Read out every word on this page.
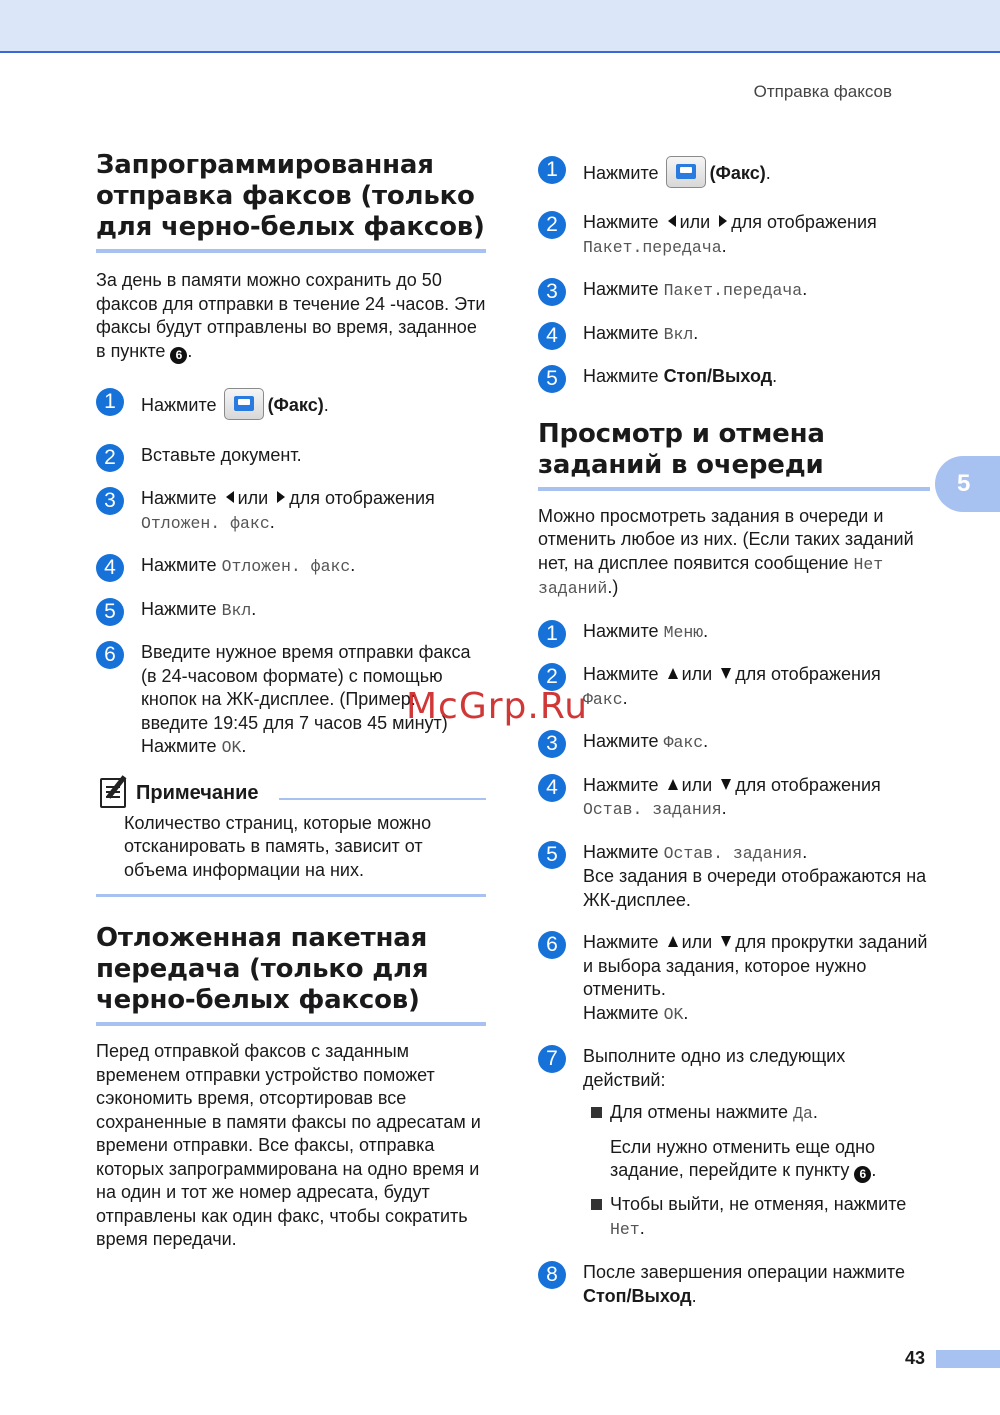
Отправка факсов
5
Запрограммированная отправка факсов (только для черно-белых факсов)

За день в памяти можно сохранить до 50 факсов для отправки в течение 24 -часов. Эти факсы будут отправлены во время, заданное в пункте 6 .

1	Нажмите	(Факс).
2	Вставьте документ.
3	Нажмите или для отображения
Отложен. факс.
4	Нажмите Отложен. факс.
5	Нажмите Вкл.
6	Введите нужное время отправки факса (в 24-часовом формате) с помощью кнопок на ЖК-дисплее. (Пример: введите 19:45 для 7 часов 45 минут)
Нажмите OK.
Примечание
Количество страниц, которые можно отсканировать в память, зависит от объема информации на них.
Отложенная пакетная передача (только для черно-белых факсов)

Перед отправкой факсов с заданным временем отправки устройство поможет сэкономить время, отсортировав все сохраненные в памяти факсы по адресатам и времени отправки. Все факсы, отправка которых запрограммирована на одно время и на один и тот же номер адресата, будут отправлены как один факс, чтобы сократить время передачи.

1	Нажмите	(Факс).
2	Нажмите или для отображения
Пакет.передача.
3	Нажмите Пакет.передача.
4	Нажмите Вкл.
5	Нажмите Стоп/Выход.
Просмотр и отмена заданий в очереди

Можно просмотреть задания в очереди и отменить любое из них. (Если таких заданий нет, на дисплее появится сообщение Нет заданий.)

1	Нажмите Меню.
2	Нажмите или для отображения
Факс.
3	Нажмите Факс.
4	Нажмите или для отображения
Остав. задания.
5	Нажмите Остав. задания.
Все задания в очереди отображаются на ЖК-дисплее.
6	Нажмите или для прокрутки заданий и выбора задания, которое нужно отменить.
Нажмите OK.
7	Выполните одно из следующих действий:
Для отмены нажмите Да.
Если нужно отменить еще одно задание, перейдите к пункту 6 .
Чтобы выйти, не отменяя, нажмите Нет.
8	После завершения операции нажмите Стоп/Выход.
McGrp.Ru
43
